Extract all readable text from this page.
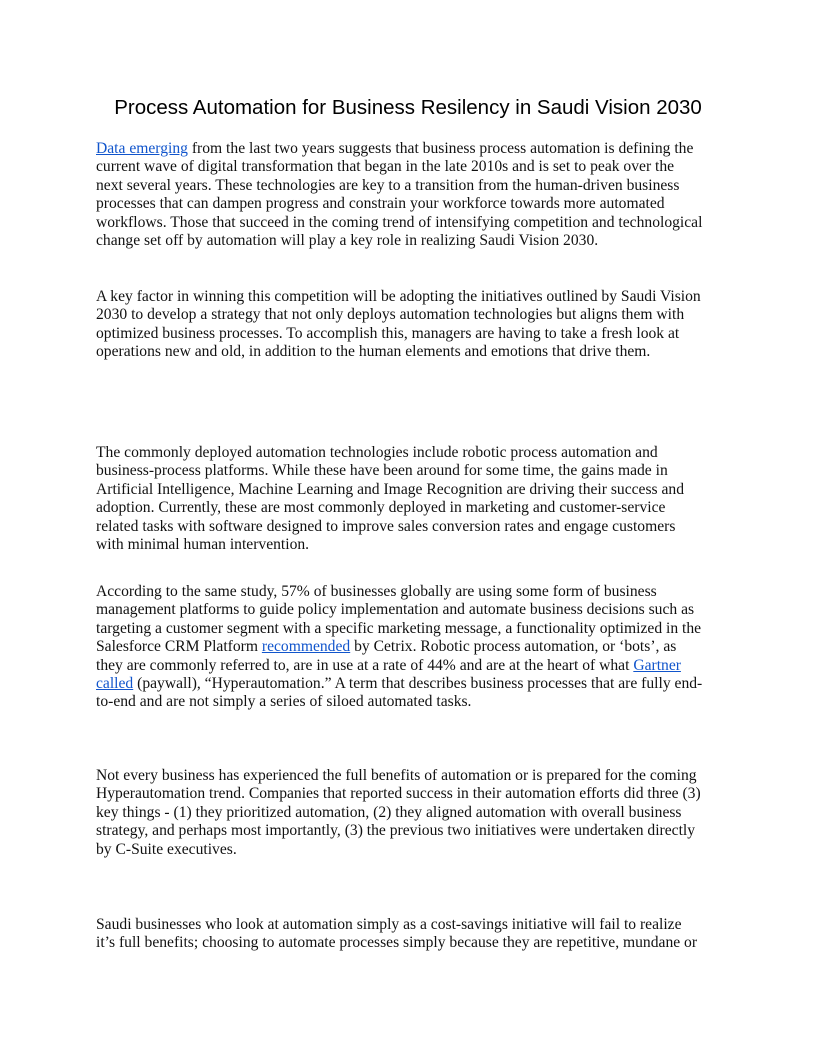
Process Automation for Business Resilency in Saudi Vision 2030
Data emerging from the last two years suggests that business process automation is defining the
current wave of digital transformation that began in the late 2010s and is set to peak over the
next several years. These technologies are key to a transition from the human-driven business
processes that can dampen progress and constrain your workforce towards more automated
workflows. Those that succeed in the coming trend of intensifying competition and technological
change set off by automation will play a key role in realizing Saudi Vision 2030.
A key factor in winning this competition will be adopting the initiatives outlined by Saudi Vision
2030 to develop a strategy that not only deploys automation technologies but aligns them with
optimized business processes. To accomplish this, managers are having to take a fresh look at
operations new and old, in addition to the human elements and emotions that drive them.
The commonly deployed automation technologies include robotic process automation and
business-process platforms. While these have been around for some time, the gains made in
Artificial Intelligence, Machine Learning and Image Recognition are driving their success and
adoption. Currently, these are most commonly deployed in marketing and customer-service
related tasks with software designed to improve sales conversion rates and engage customers
with minimal human intervention.
According to the same study, 57% of businesses globally are using some form of business
management platforms to guide policy implementation and automate business decisions such as
targeting a customer segment with a specific marketing message, a functionality optimized in the
Salesforce CRM Platform recommended by Cetrix. Robotic process automation, or ‘bots’, as
they are commonly referred to, are in use at a rate of 44% and are at the heart of what Gartner
called (paywall), “Hyperautomation.” A term that describes business processes that are fully end-
to-end and are not simply a series of siloed automated tasks.
Not every business has experienced the full benefits of automation or is prepared for the coming
Hyperautomation trend. Companies that reported success in their automation efforts did three (3)
key things - (1) they prioritized automation, (2) they aligned automation with overall business
strategy, and perhaps most importantly, (3) the previous two initiatives were undertaken directly
by C-Suite executives.
Saudi businesses who look at automation simply as a cost-savings initiative will fail to realize
it’s full benefits; choosing to automate processes simply because they are repetitive, mundane or
